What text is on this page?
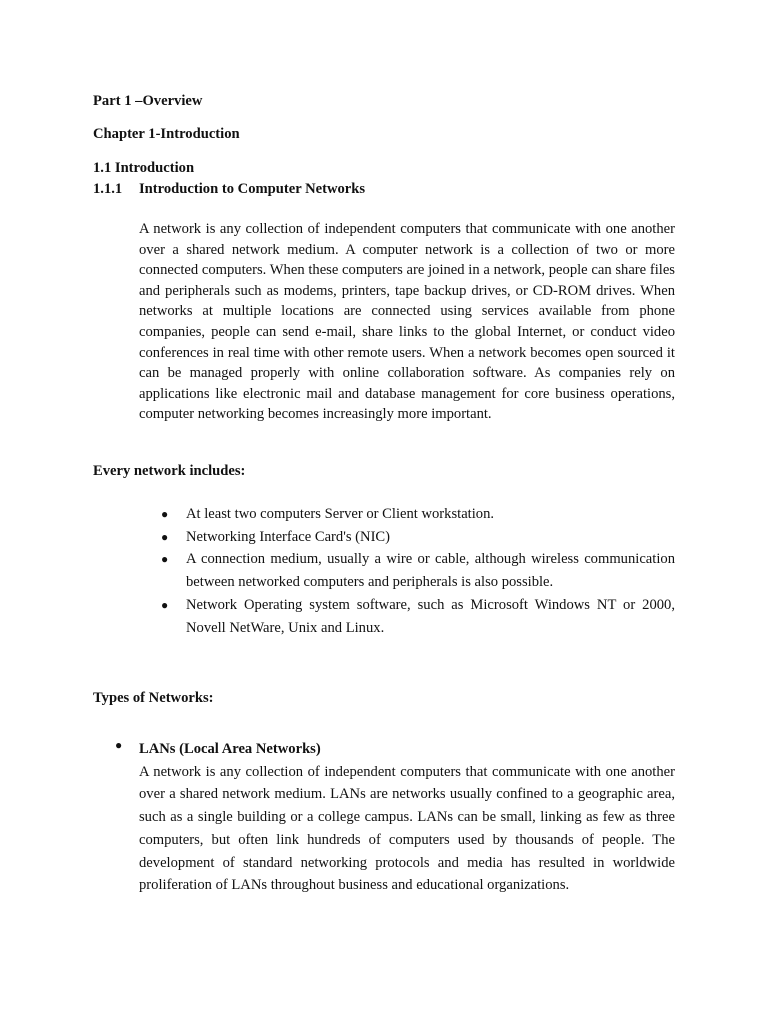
Part 1 –Overview
Chapter 1-Introduction
1.1 Introduction
1.1.1 Introduction to Computer Networks

A network is any collection of independent computers that communicate with one another over a shared network medium. A computer network is a collection of two or more connected computers. When these computers are joined in a network, people can share files and peripherals such as modems, printers, tape backup drives, or CD-ROM drives. When networks at multiple locations are connected using services available from phone companies, people can send e-mail, share links to the global Internet, or conduct video conferences in real time with other remote users. When a network becomes open sourced it can be managed properly with online collaboration software. As companies rely on applications like electronic mail and database management for core business operations, computer networking becomes increasingly more important.

Every network includes:
● At least two computers Server or Client workstation.
● Networking Interface Card's (NIC)
● A connection medium, usually a wire or cable, although wireless communication between networked computers and peripherals is also possible.
● Network Operating system software, such as Microsoft Windows NT or 2000, Novell NetWare, Unix and Linux.
Types of Networks:
● LANs (Local Area Networks)

A network is any collection of independent computers that communicate with one another over a shared network medium. LANs are networks usually confined to a geographic area, such as a single building or a college campus. LANs can be small, linking as few as three computers, but often link hundreds of computers used by thousands of people. The development of standard networking protocols and media has resulted in worldwide proliferation of LANs throughout business and educational organizations.
